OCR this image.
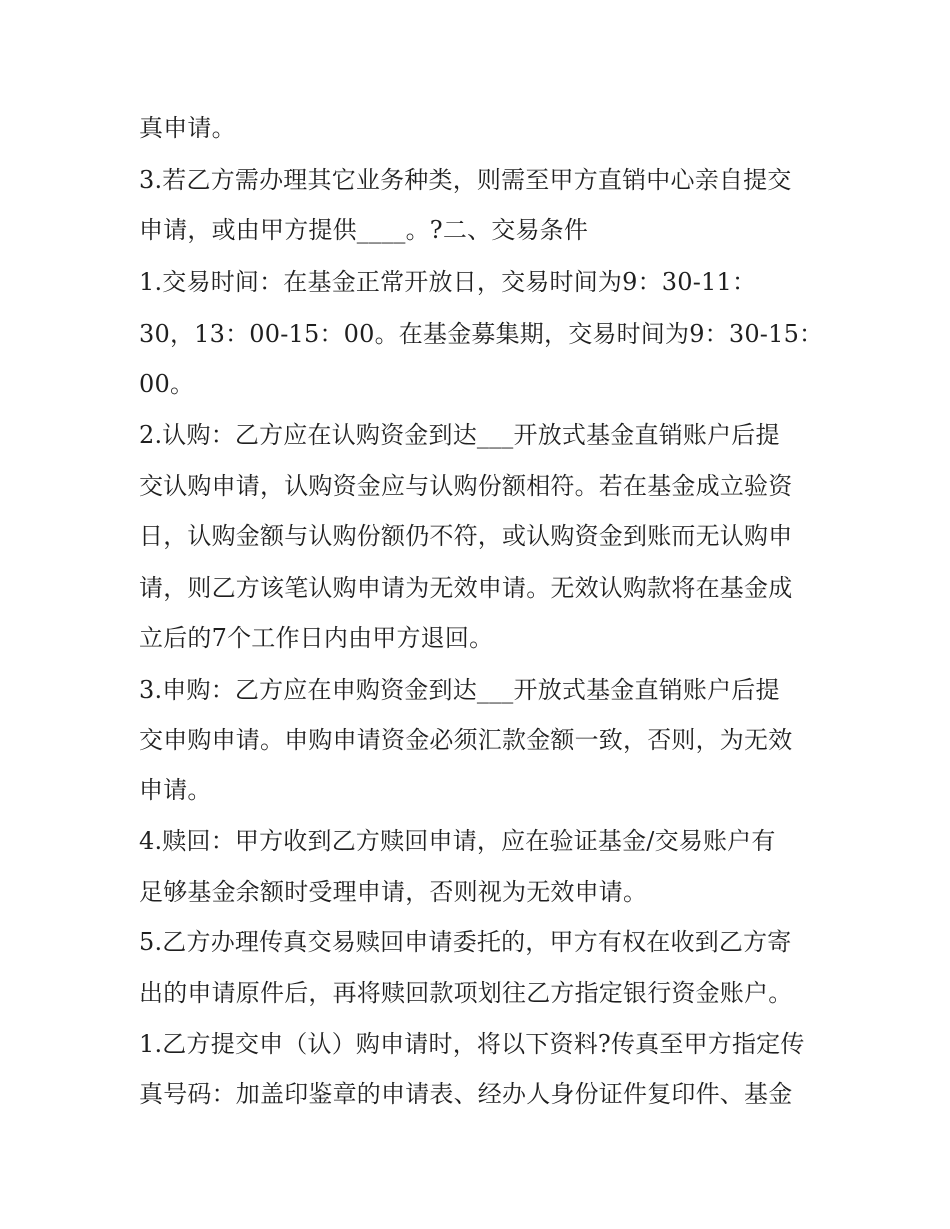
真申请。
3.若乙方需办理其它业务种类，则需至甲方直销中心亲自提交
申请，或由甲方提供____。?二、交易条件
1.交易时间：在基金正常开放日，交易时间为9：30-11：
30，13：00-15：00。在基金募集期，交易时间为9：30-15：
00。
2.认购：乙方应在认购资金到达___开放式基金直销账户后提
交认购申请，认购资金应与认购份额相符。若在基金成立验资
日，认购金额与认购份额仍不符，或认购资金到账而无认购申
请，则乙方该笔认购申请为无效申请。无效认购款将在基金成
立后的7个工作日内由甲方退回。
3.申购：乙方应在申购资金到达___开放式基金直销账户后提
交申购申请。申购申请资金必须汇款金额一致，否则，为无效
申请。
4.赎回：甲方收到乙方赎回申请，应在验证基金/交易账户有
足够基金余额时受理申请，否则视为无效申请。
5.乙方办理传真交易赎回申请委托的，甲方有权在收到乙方寄
出的申请原件后，再将赎回款项划往乙方指定银行资金账户。
1.乙方提交申（认）购申请时，将以下资料?传真至甲方指定传
真号码：加盖印鉴章的申请表、经办人身份证件复印件、基金
